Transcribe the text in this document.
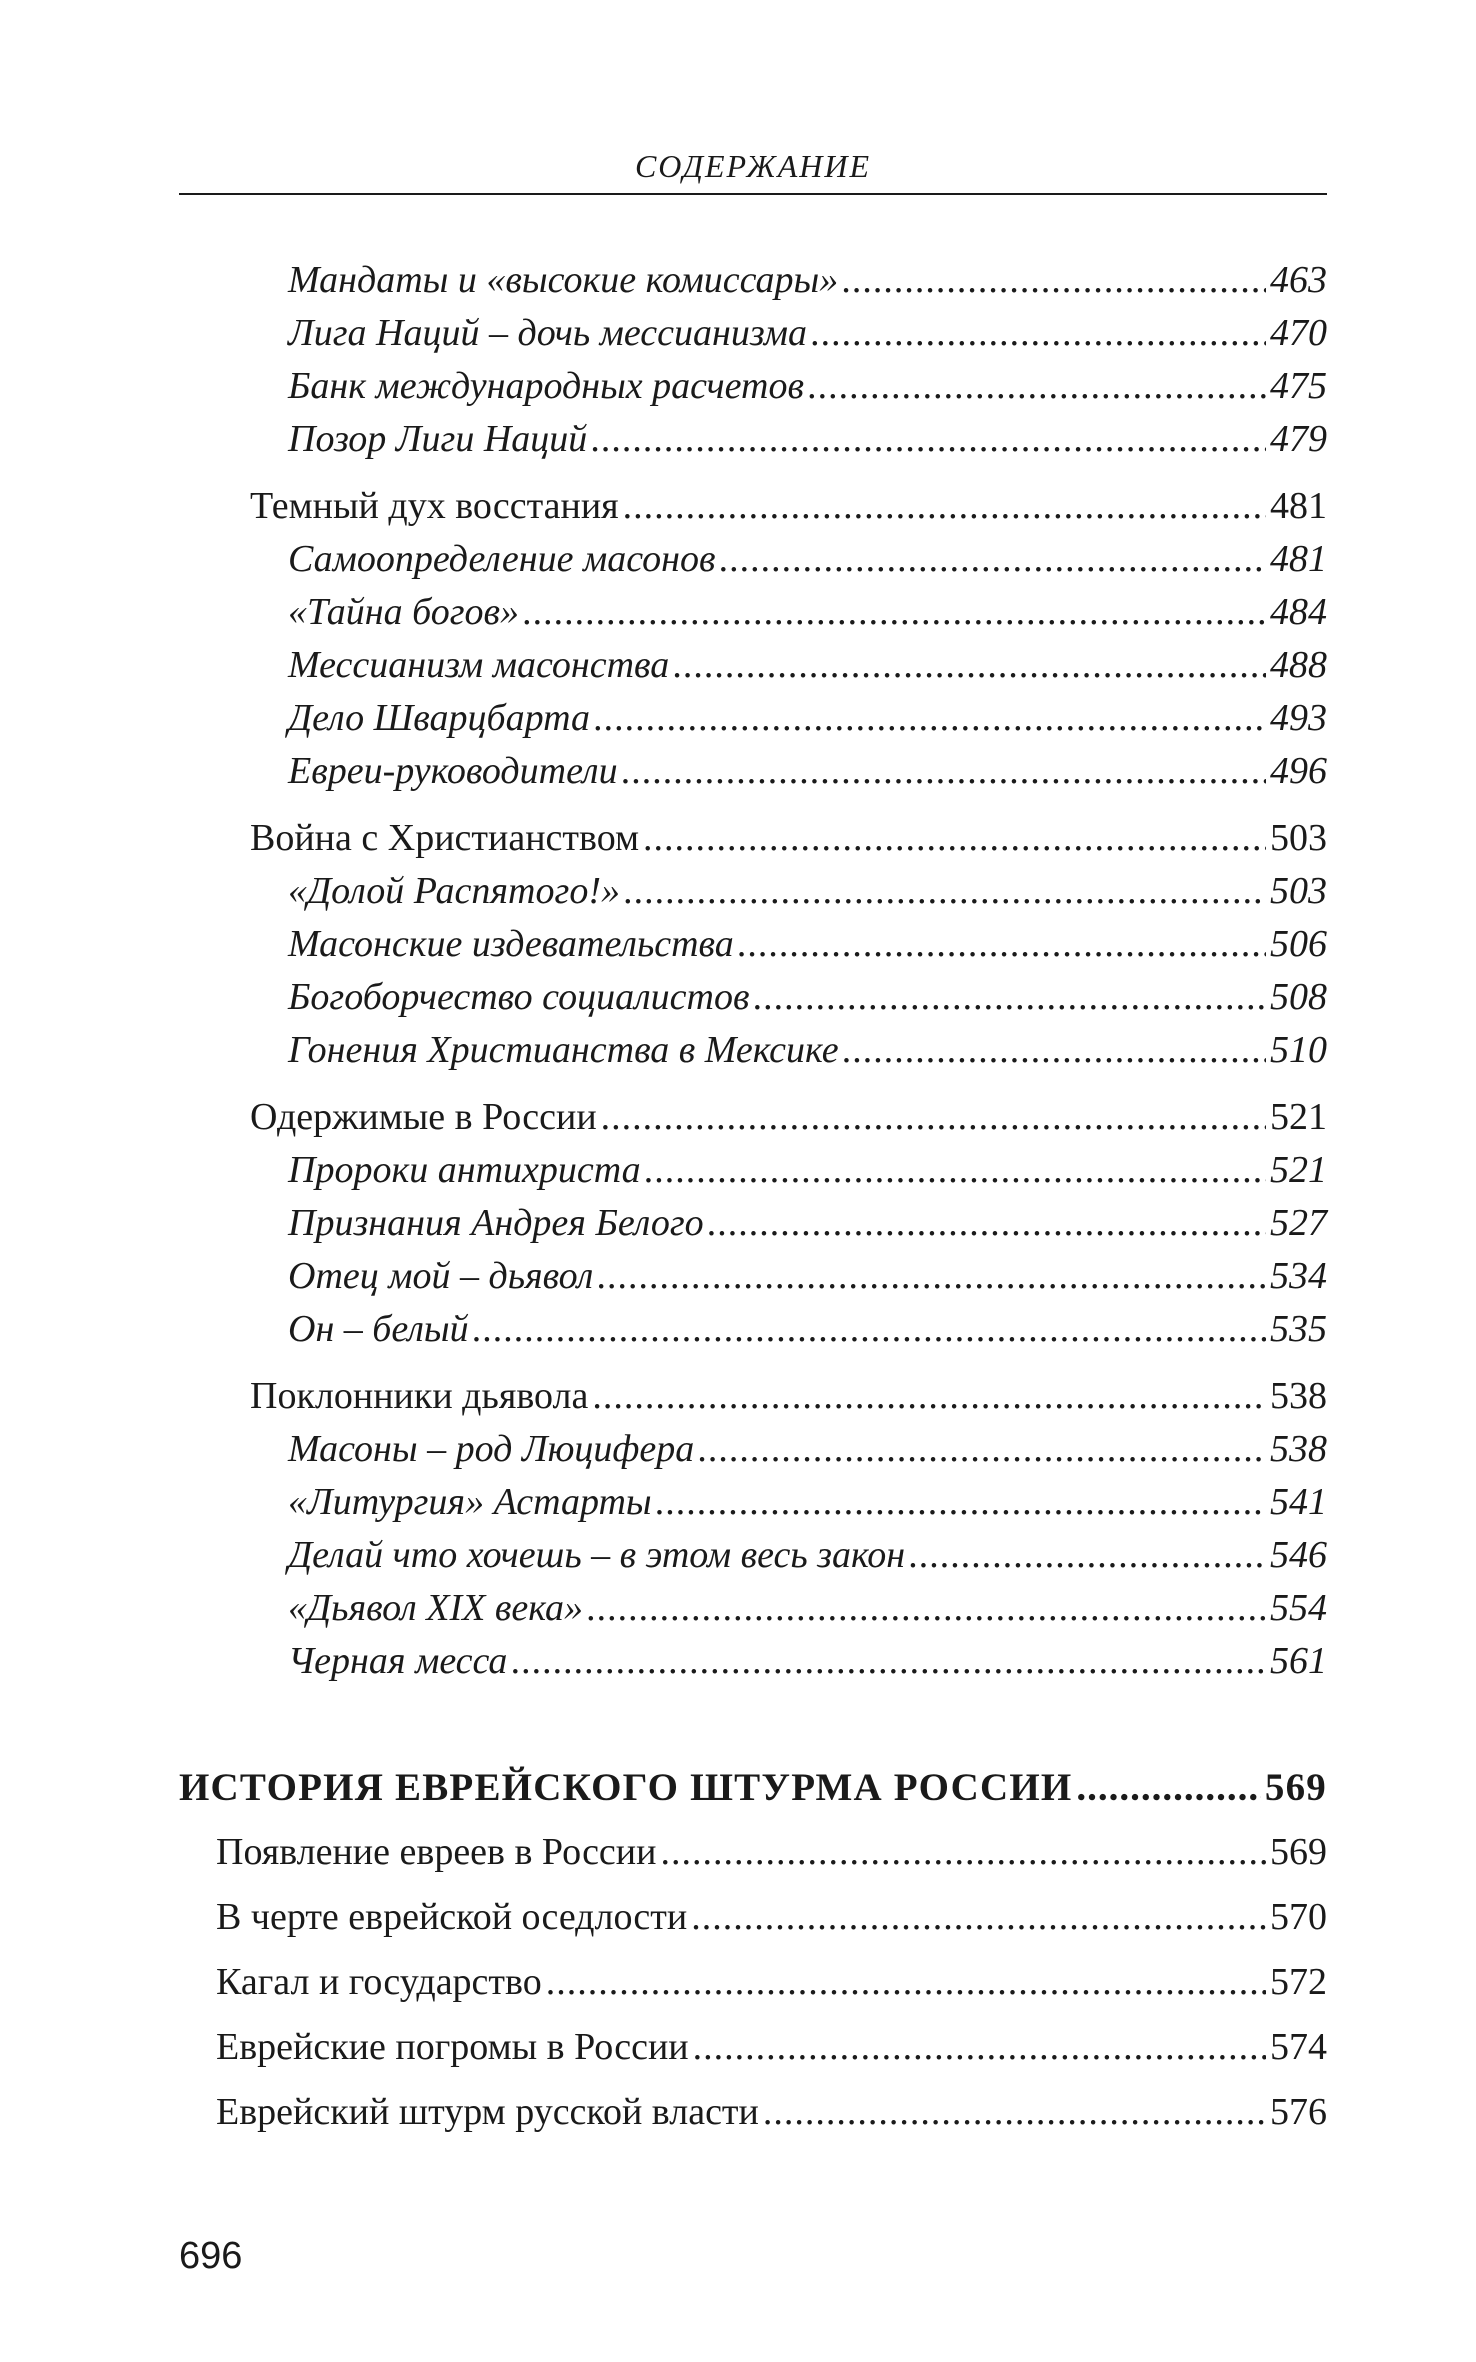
СОДЕРЖАНИЕ
Мандаты и «высокие комиссары» .....	463
Лига Наций – дочь мессианизма .....	470
Банк международных расчетов .....	475
Позор Лиги Наций .....	479
Темный дух восстания .....	481
Самоопределение масонов .....	481
«Тайна богов» .....	484
Мессианизм масонства .....	488
Дело Шварцбарта .....	493
Евреи-руководители .....	496
Война с Христианством .....	503
«Долой Распятого!» .....	503
Масонские издевательства .....	506
Богоборчество социалистов .....	508
Гонения Христианства в Мексике .....	510
Одержимые в России .....	521
Пророки антихриста .....	521
Признания Андрея Белого .....	527
Отец мой – дьявол .....	534
Он – белый .....	535
Поклонники дьявола .....	538
Масоны – род Люцифера .....	538
«Литургия» Астарты .....	541
Делай что хочешь – в этом весь закон .....	546
«Дьявол XIX века» .....	554
Черная месса .....	561
ИСТОРИЯ ЕВРЕЙСКОГО ШТУРМА РОССИИ .....	569
Появление евреев в России .....	569
В черте еврейской оседлости .....	570
Кагал и государство .....	572
Еврейские погромы в России .....	574
Еврейский штурм русской власти .....	576
696
